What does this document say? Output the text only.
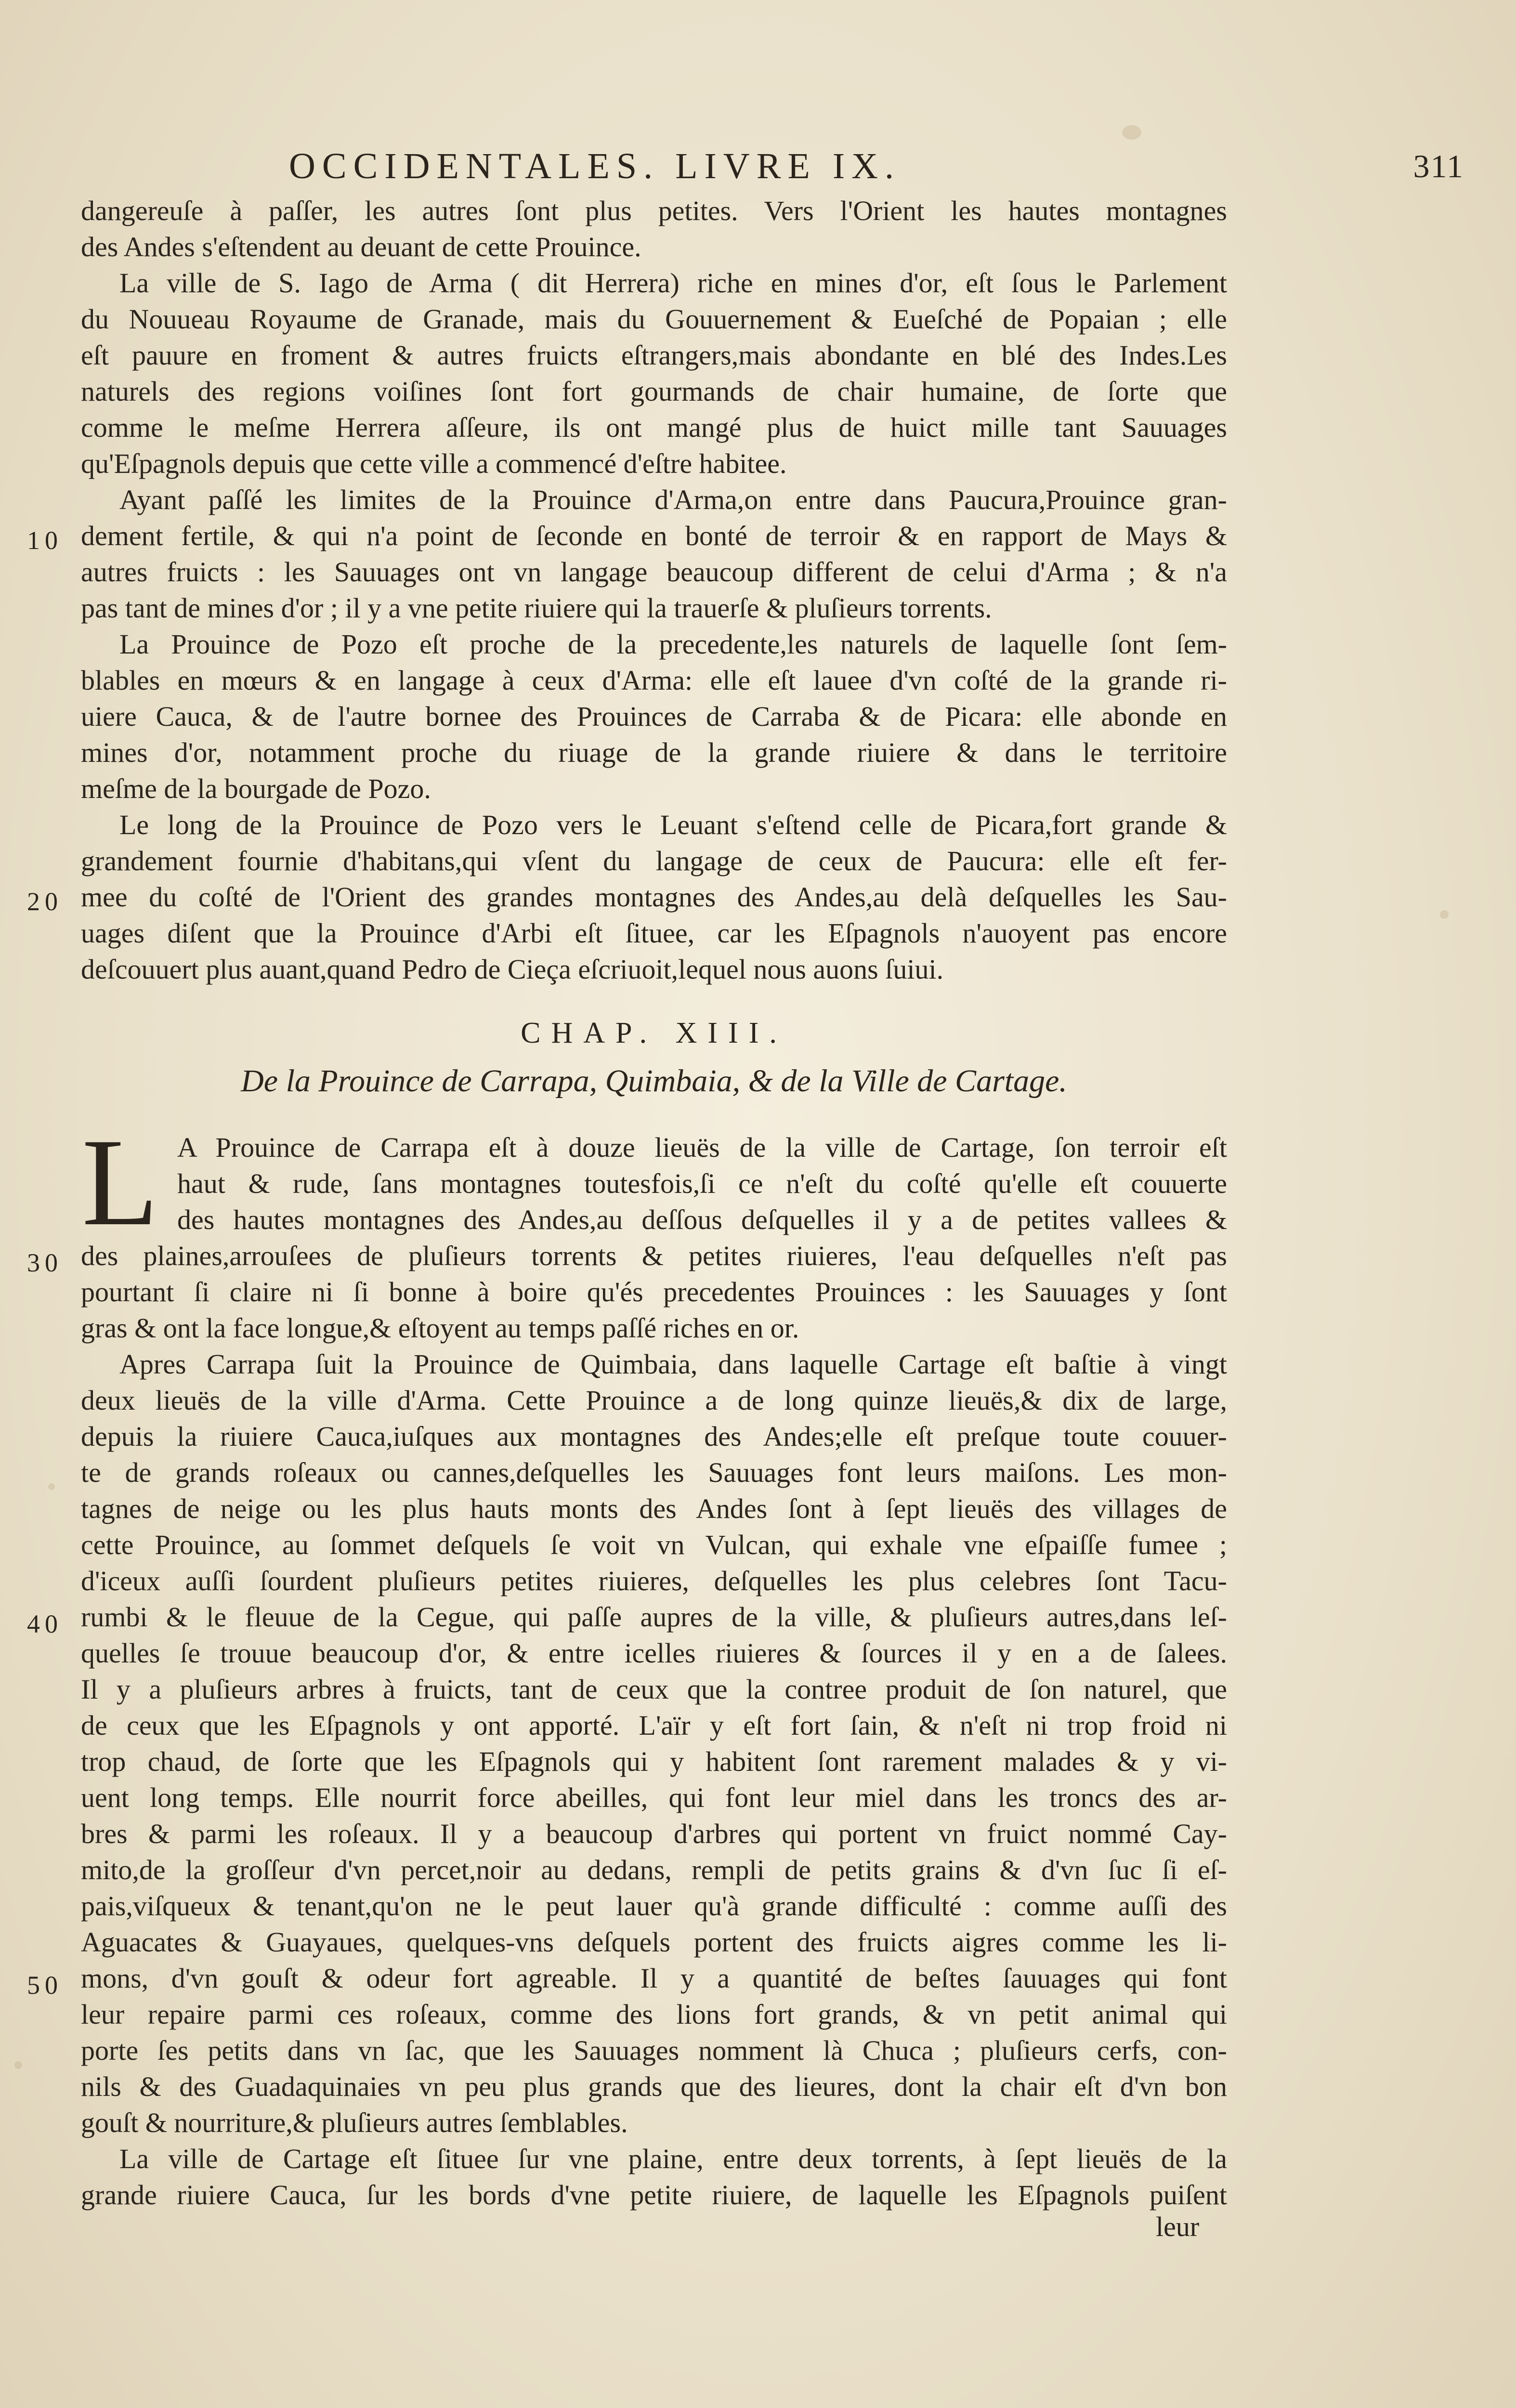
OCCIDENTALES. LIVRE IX.	311
10
20
30
40
50
dangereuſe à paſſer, les autres ſont plus petites. Vers l'Orient les hautes montagnes
des Andes s'eſtendent au deuant de cette Prouince.
La ville de S. Iago de Arma ( dit Herrera) riche en mines d'or, eſt ſous le Parlement
du Nouueau Royaume de Granade, mais du Gouuernement & Eueſché de Popaian ; elle
eſt pauure en froment & autres fruicts eſtrangers,mais abondante en blé des Indes.Les
naturels des regions voiſines ſont fort gourmands de chair humaine, de ſorte que
comme le meſme Herrera aſſeure, ils ont mangé plus de huict mille tant Sauuages
qu'Eſpagnols depuis que cette ville a commencé d'eſtre habitee.
Ayant paſſé les limites de la Prouince d'Arma,on entre dans Paucura,Prouince gran-
dement fertile, & qui n'a point de ſeconde en bonté de terroir & en rapport de Mays &
autres fruicts : les Sauuages ont vn langage beaucoup different de celui d'Arma ; & n'a
pas tant de mines d'or ; il y a vne petite riuiere qui la trauerſe & pluſieurs torrents.
La Prouince de Pozo eſt proche de la precedente,les naturels de laquelle ſont ſem-
blables en mœurs & en langage à ceux d'Arma: elle eſt lauee d'vn coſté de la grande ri-
uiere Cauca, & de l'autre bornee des Prouinces de Carraba & de Picara: elle abonde en
mines d'or, notamment proche du riuage de la grande riuiere & dans le territoire
meſme de la bourgade de Pozo.
Le long de la Prouince de Pozo vers le Leuant s'eſtend celle de Picara,fort grande &
grandement fournie d'habitans,qui vſent du langage de ceux de Paucura: elle eſt fer-
mee du coſté de l'Orient des grandes montagnes des Andes,au delà deſquelles les Sau-
uages diſent que la Prouince d'Arbi eſt ſituee, car les Eſpagnols n'auoyent pas encore
deſcouuert plus auant,quand Pedro de Cieça eſcriuoit,lequel nous auons ſuiui.
CHAP. XIII.
De la Prouince de Carrapa, Quimbaia, & de la Ville de Cartage.
L A Prouince de Carrapa eſt à douze lieuës de la ville de Cartage, ſon terroir eſt
haut & rude, ſans montagnes toutesfois,ſi ce n'eſt du coſté qu'elle eſt couuerte
des hautes montagnes des Andes,au deſſous deſquelles il y a de petites vallees &
des plaines,arrouſees de pluſieurs torrents & petites riuieres, l'eau deſquelles n'eſt pas
pourtant ſi claire ni ſi bonne à boire qu'és precedentes Prouinces : les Sauuages y ſont
gras & ont la face longue,& eſtoyent au temps paſſé riches en or.
Apres Carrapa ſuit la Prouince de Quimbaia, dans laquelle Cartage eſt baſtie à vingt
deux lieuës de la ville d'Arma. Cette Prouince a de long quinze lieuës,& dix de large,
depuis la riuiere Cauca,iuſques aux montagnes des Andes;elle eſt preſque toute couuer-
te de grands roſeaux ou cannes,deſquelles les Sauuages font leurs maiſons. Les mon-
tagnes de neige ou les plus hauts monts des Andes ſont à ſept lieuës des villages de
cette Prouince, au ſommet deſquels ſe voit vn Vulcan, qui exhale vne eſpaiſſe fumee ;
d'iceux auſſi ſourdent pluſieurs petites riuieres, deſquelles les plus celebres ſont Tacu-
rumbi & le fleuue de la Cegue, qui paſſe aupres de la ville, & pluſieurs autres,dans leſ-
quelles ſe trouue beaucoup d'or, & entre icelles riuieres & ſources il y en a de ſalees.
Il y a pluſieurs arbres à fruicts, tant de ceux que la contree produit de ſon naturel, que
de ceux que les Eſpagnols y ont apporté. L'aïr y eſt fort ſain, & n'eſt ni trop froid ni
trop chaud, de ſorte que les Eſpagnols qui y habitent ſont rarement malades & y vi-
uent long temps. Elle nourrit force abeilles, qui font leur miel dans les troncs des ar-
bres & parmi les roſeaux. Il y a beaucoup d'arbres qui portent vn fruict nommé Cay-
mito,de la groſſeur d'vn percet,noir au dedans, rempli de petits grains & d'vn ſuc ſi eſ-
pais,viſqueux & tenant,qu'on ne le peut lauer qu'à grande difficulté : comme auſſi des
Aguacates & Guayaues, quelques-vns deſquels portent des fruicts aigres comme les li-
mons, d'vn gouſt & odeur fort agreable. Il y a quantité de beſtes ſauuages qui font
leur repaire parmi ces roſeaux, comme des lions fort grands, & vn petit animal qui
porte ſes petits dans vn ſac, que les Sauuages nomment là Chuca ; pluſieurs cerfs, con-
nils & des Guadaquinaies vn peu plus grands que des lieures, dont la chair eſt d'vn bon
gouſt & nourriture,& pluſieurs autres ſemblables.
La ville de Cartage eſt ſituee ſur vne plaine, entre deux torrents, à ſept lieuës de la
grande riuiere Cauca, ſur les bords d'vne petite riuiere, de laquelle les Eſpagnols puiſent
leur
